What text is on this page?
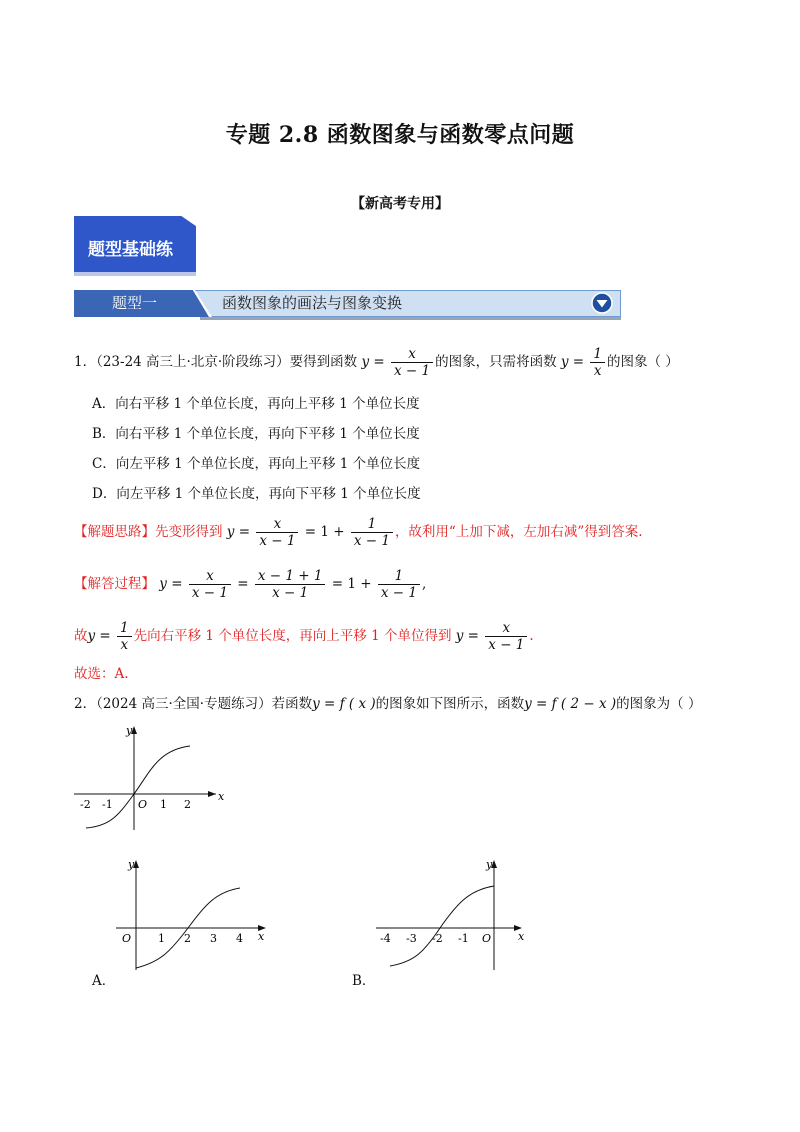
专题 2.8 函数图象与函数零点问题
【新高考专用】
题型基础练
题型一	函数图象的画法与图象变换
1．（23-24 高三上·北京·阶段练习）要得到函数 $y = \frac{x}{x - 1}$ 的图象，只需将函数 $y = \frac{1}{x}$ 的图象（ ）
A．向右平移 1 个单位长度，再向上平移 1 个单位长度
B．向右平移 1 个单位长度，再向下平移 1 个单位长度
C．向左平移 1 个单位长度，再向上平移 1 个单位长度
D．向左平移 1 个单位长度，再向下平移 1 个单位长度
【解题思路】先变形得到 $y = \frac{x}{x - 1} = 1 + \frac{1}{x - 1}$ ，故利用“上加下减，左加右减”得到答案.
【解答过程】 $y = \frac{x}{x - 1} = \frac{x - 1 + 1}{x - 1} = 1 + \frac{1}{x - 1}$ ,
故$y = \frac{1}{x}$ 先向右平移 1 个单位长度，再向上平移 1 个单位得到 $y = \frac{x}{x - 1}$ .
故选：A.
2．（2024 高三·全国·专题练习）若函数y = f ( x )的图象如下图所示，函数y = f ( 2 − x )的图象为（ ）
x
y
-2 -1 O 1 2
x
y
O 1 2 3 4
A．
x
y
-4 -3 -2 -1 O
B．
